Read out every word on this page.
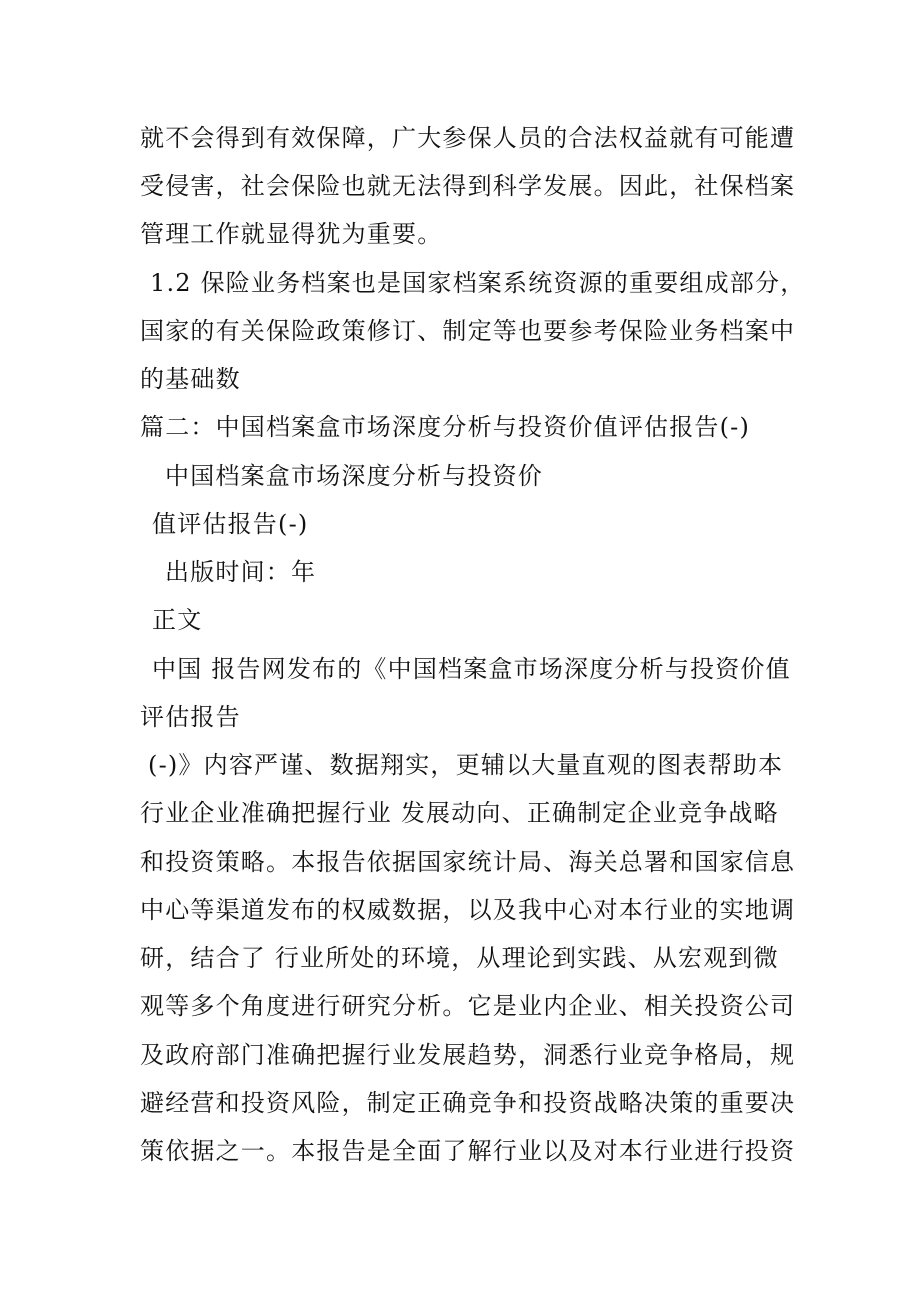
就不会得到有效保障，广大参保人员的合法权益就有可能遭

受侵害，社会保险也就无法得到科学发展。因此，社保档案

管理工作就显得犹为重要。

1.2 保险业务档案也是国家档案系统资源的重要组成部分，

国家的有关保险政策修订、制定等也要参考保险业务档案中

的基础数

篇二：中国档案盒市场深度分析与投资价值评估报告(-)

中国档案盒市场深度分析与投资价

值评估报告(-)

出版时间：年

正文

中国 报告网发布的《中国档案盒市场深度分析与投资价值

评估报告

(-)》内容严谨、数据翔实，更辅以大量直观的图表帮助本

行业企业准确把握行业 发展动向、正确制定企业竞争战略

和投资策略。本报告依据国家统计局、海关总署和国家信息

中心等渠道发布的权威数据，以及我中心对本行业的实地调

研，结合了 行业所处的环境，从理论到实践、从宏观到微

观等多个角度进行研究分析。它是业内企业、相关投资公司

及政府部门准确把握行业发展趋势，洞悉行业竞争格局，规

避经营和投资风险，制定正确竞争和投资战略决策的重要决

策依据之一。本报告是全面了解行业以及对本行业进行投资
